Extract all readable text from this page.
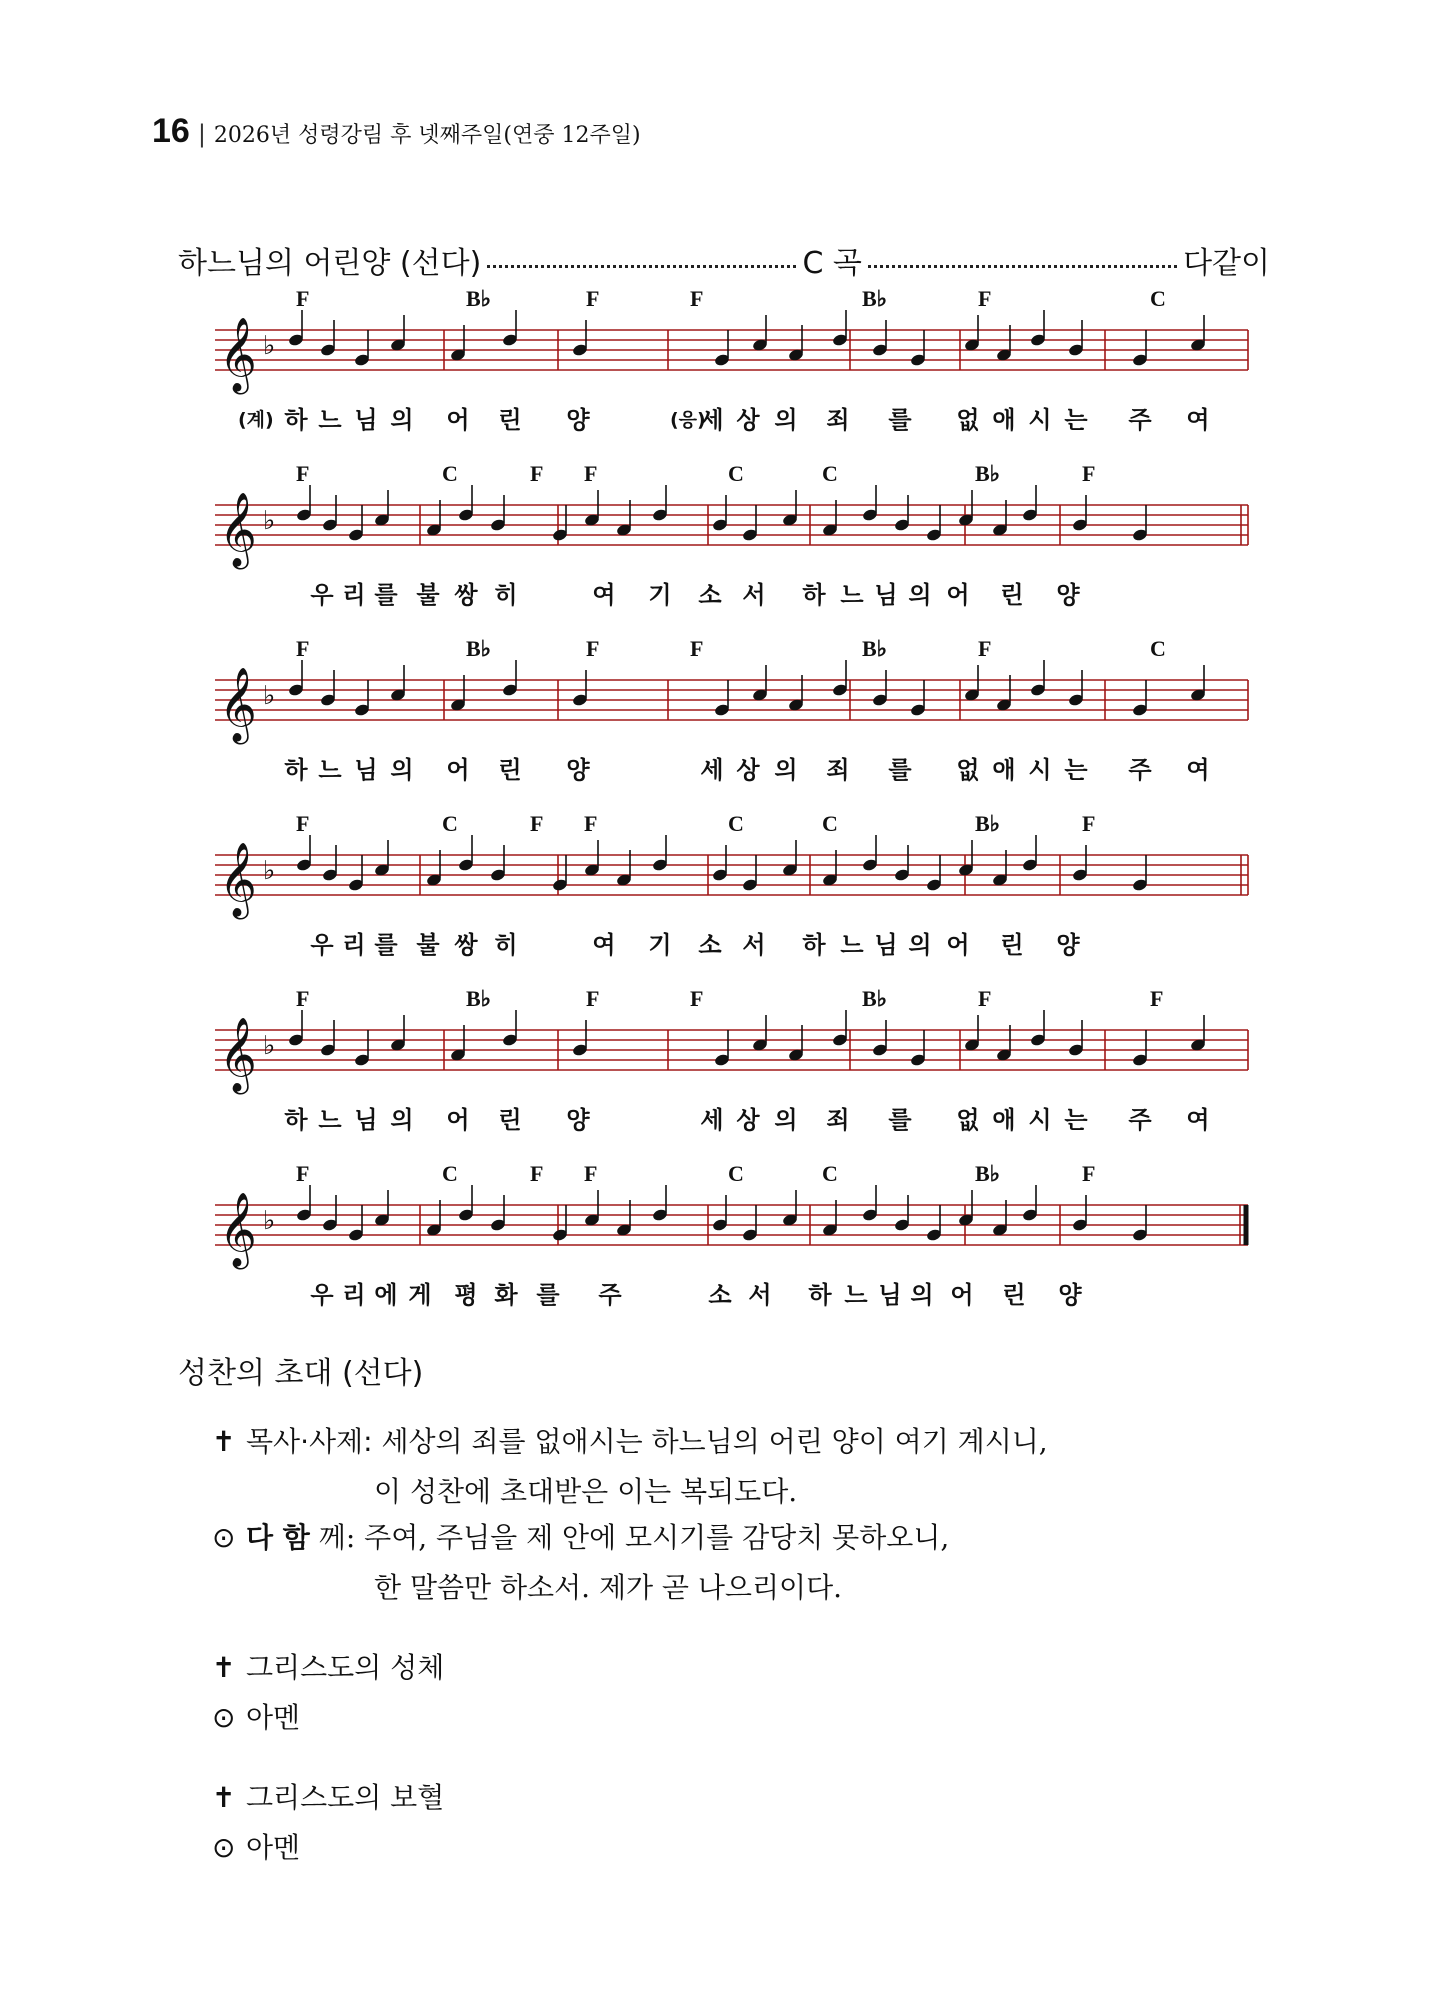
16 | 2026년 성령강림 후 넷째주일(연중 12주일)
하느님의 어린양 (선다)	C 곡	다같이
𝄞 ♭
F	B♭	F	F	B♭	F	C
(계)	(응)
하 느 님 의 어 린 양	세 상 의 죄 를 없 애 시 는 주 여
𝄞 ♭
F	C	F F	C	C	B♭	F
우 리 를 불 쌍 히	여 기 소 서 하 느 님 의 어 린 양
𝄞 ♭
F	B♭	F	F	B♭	F	C
하 느 님 의 어 린 양	세 상 의 죄 를 없 애 시 는 주 여
𝄞 ♭
F	C	F F	C	C	B♭	F
우 리 를 불 쌍 히	여 기 소 서 하 느 님 의 어 린 양
𝄞 ♭
F	B♭	F	F	B♭	F	F
하 느 님 의 어 린 양	세 상 의 죄 를 없 애 시 는 주 여
𝄞 ♭
F	C	F F	C	C	B♭	F
우 리 에 게 평 화 를 주	소 서 하 느 님 의 어 린 양
성찬의 초대 (선다)
✝ 목사·사제: 세상의 죄를 없애시는 하느님의 어린 양이 여기 계시니,
이 성찬에 초대받은 이는 복되도다.
⊙ 다 함 께: 주여, 주님을 제 안에 모시기를 감당치 못하오니,
한 말씀만 하소서. 제가 곧 나으리이다.
✝ 그리스도의 성체
⊙ 아멘
✝ 그리스도의 보혈
⊙ 아멘
